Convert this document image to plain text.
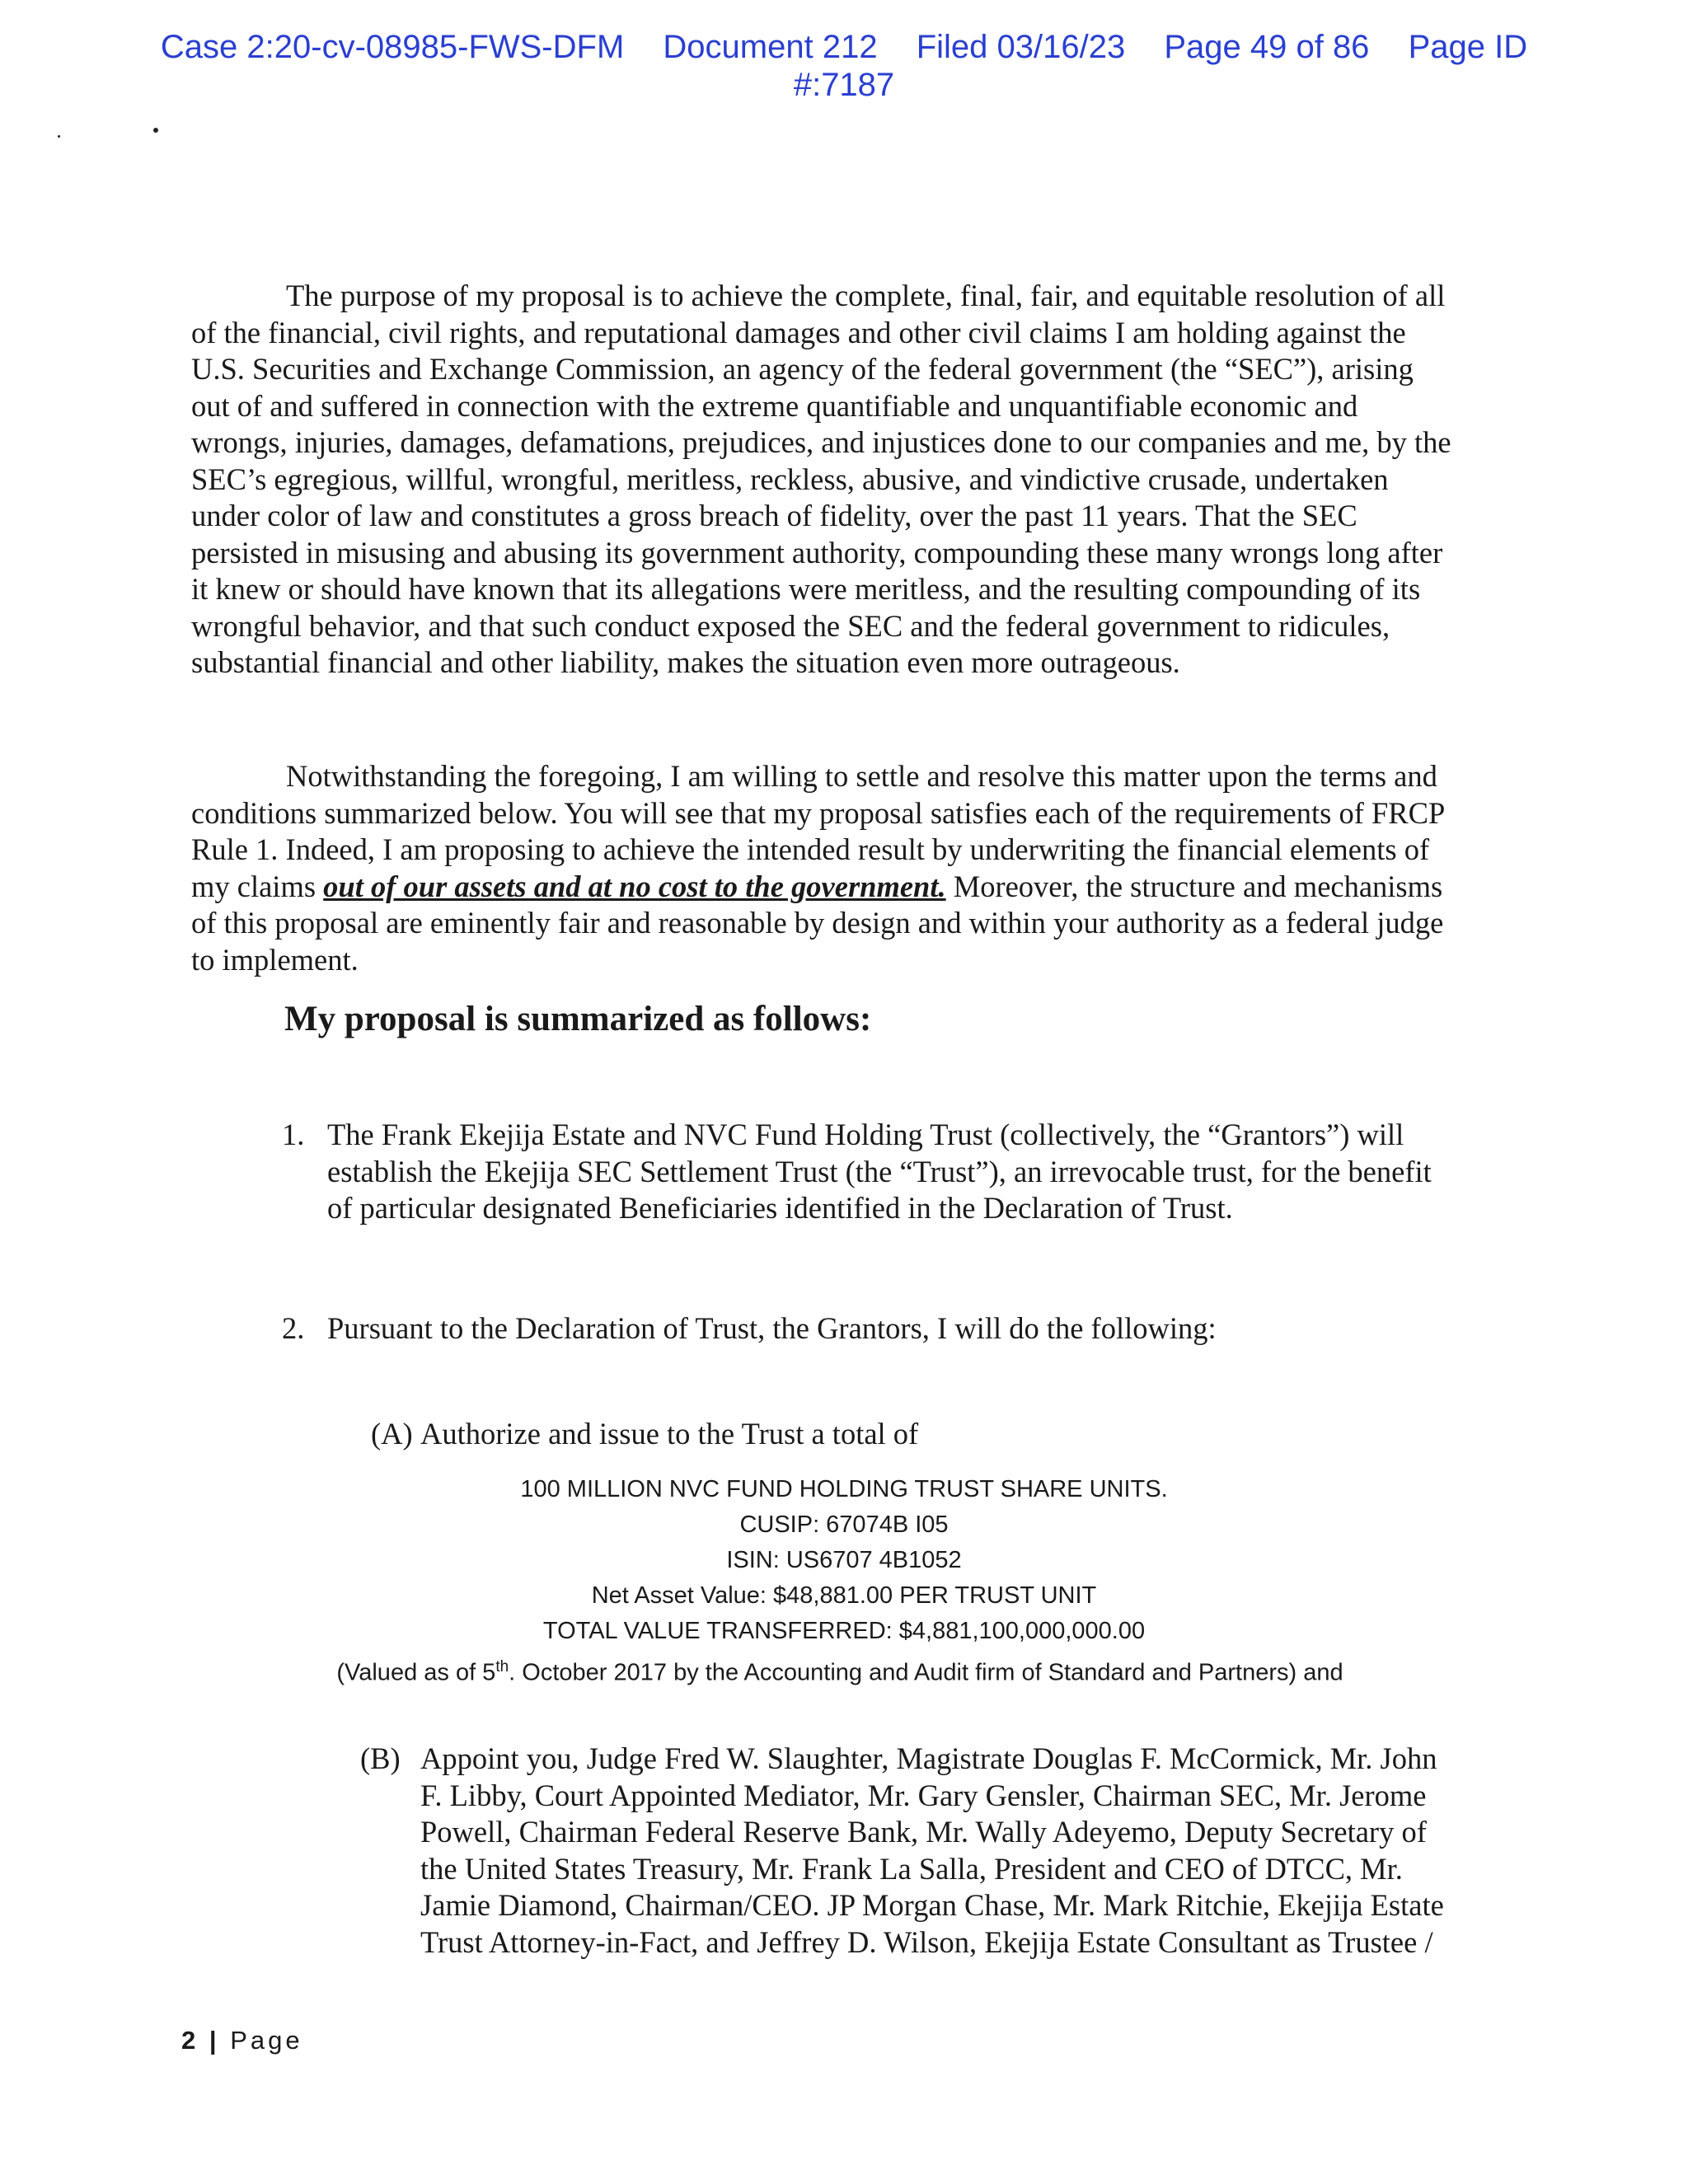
Case 2:20-cv-08985-FWS-DFM Document 212 Filed 03/16/23 Page 49 of 86 Page ID
#:7187
The purpose of my proposal is to achieve the complete, final, fair, and equitable resolution of all
of the financial, civil rights, and reputational damages and other civil claims I am holding against the
U.S. Securities and Exchange Commission, an agency of the federal government (the “SEC”), arising
out of and suffered in connection with the extreme quantifiable and unquantifiable economic and
wrongs, injuries, damages, defamations, prejudices, and injustices done to our companies and me, by the
SEC’s egregious, willful, wrongful, meritless, reckless, abusive, and vindictive crusade, undertaken
under color of law and constitutes a gross breach of fidelity, over the past 11 years. That the SEC
persisted in misusing and abusing its government authority, compounding these many wrongs long after
it knew or should have known that its allegations were meritless, and the resulting compounding of its
wrongful behavior, and that such conduct exposed the SEC and the federal government to ridicules,
substantial financial and other liability, makes the situation even more outrageous.
Notwithstanding the foregoing, I am willing to settle and resolve this matter upon the terms and
conditions summarized below. You will see that my proposal satisfies each of the requirements of FRCP
Rule 1. Indeed, I am proposing to achieve the intended result by underwriting the financial elements of
my claims out of our assets and at no cost to the government. Moreover, the structure and mechanisms
of this proposal are eminently fair and reasonable by design and within your authority as a federal judge
to implement.
My proposal is summarized as follows:
1. The Frank Ekejija Estate and NVC Fund Holding Trust (collectively, the “Grantors”) will
establish the Ekejija SEC Settlement Trust (the “Trust”), an irrevocable trust, for the benefit
of particular designated Beneficiaries identified in the Declaration of Trust.
2. Pursuant to the Declaration of Trust, the Grantors, I will do the following:
(A) Authorize and issue to the Trust a total of
100 MILLION NVC FUND HOLDING TRUST SHARE UNITS.
CUSIP: 67074B I05
ISIN: US6707 4B1052
Net Asset Value: $48,881.00 PER TRUST UNIT
TOTAL VALUE TRANSFERRED: $4,881,100,000,000.00
(Valued as of 5th. October 2017 by the Accounting and Audit firm of Standard and Partners) and
(B) Appoint you, Judge Fred W. Slaughter, Magistrate Douglas F. McCormick, Mr. John
F. Libby, Court Appointed Mediator, Mr. Gary Gensler, Chairman SEC, Mr. Jerome
Powell, Chairman Federal Reserve Bank, Mr. Wally Adeyemo, Deputy Secretary of
the United States Treasury, Mr. Frank La Salla, President and CEO of DTCC, Mr.
Jamie Diamond, Chairman/CEO. JP Morgan Chase, Mr. Mark Ritchie, Ekejija Estate
Trust Attorney-in-Fact, and Jeffrey D. Wilson, Ekejija Estate Consultant as Trustee /
2 | Page
